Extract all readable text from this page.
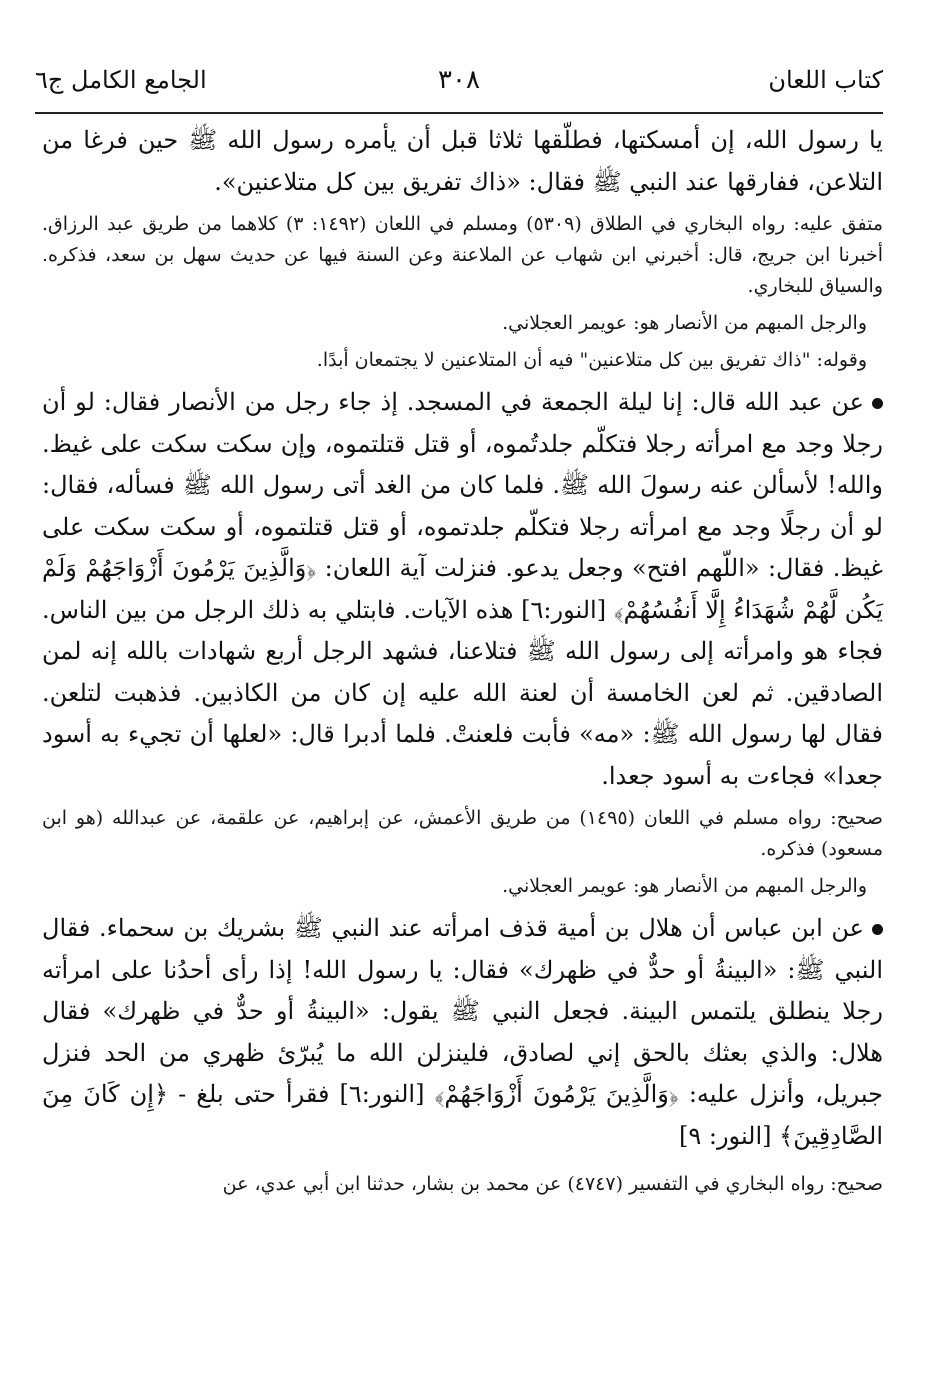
كتاب اللعان
٣٠٨
الجامع الكامل ج٦

يا رسول الله، إن أمسكتها، فطلّقها ثلاثا قبل أن يأمره رسول الله ﷺ حين فرغا من التلاعن، ففارقها عند النبي ﷺ فقال: «ذاك تفريق بين كل متلاعنين».

متفق عليه: رواه البخاري في الطلاق (٥٣٠٩) ومسلم في اللعان (١٤٩٢: ٣) كلاهما من طريق عبد الرزاق. أخبرنا ابن جريج، قال: أخبرني ابن شهاب عن الملاعنة وعن السنة فيها عن حديث سهل بن سعد، فذكره. والسياق للبخاري.

والرجل المبهم من الأنصار هو: عويمر العجلاني.

وقوله: "ذاك تفريق بين كل متلاعنين" فيه أن المتلاعنين لا يجتمعان أبدًا.

عن عبد الله قال: إنا ليلة الجمعة في المسجد. إذ جاء رجل من الأنصار فقال: لو أن رجلا وجد مع امرأته رجلا فتكلّم جلدتُموه، أو قتل قتلتموه، وإن سكت سكت على غيظ. والله! لأسألن عنه رسولَ الله ﷺ. فلما كان من الغد أتى رسول الله ﷺ فسأله، فقال: لو أن رجلًا وجد مع امرأته رجلا فتكلّم جلدتموه، أو قتل قتلتموه، أو سكت سكت على غيظ. فقال: «اللّهم افتح» وجعل يدعو. فنزلت آية اللعان: ﴿وَالَّذِينَ يَرْمُونَ أَزْوَاجَهُمْ وَلَمْ يَكُن لَّهُمْ شُهَدَاءُ إِلَّا أَنفُسُهُمْ﴾ [النور:٦] هذه الآيات. فابتلي به ذلك الرجل من بين الناس. فجاء هو وامرأته إلى رسول الله ﷺ فتلاعنا، فشهد الرجل أربع شهادات بالله إنه لمن الصادقين. ثم لعن الخامسة أن لعنة الله عليه إن كان من الكاذبين. فذهبت لتلعن. فقال لها رسول الله ﷺ: «مه» فأبت فلعنتْ. فلما أدبرا قال: «لعلها أن تجيء به أسود جعدا» فجاءت به أسود جعدا.

صحيح: رواه مسلم في اللعان (١٤٩٥) من طريق الأعمش، عن إبراهيم، عن علقمة، عن عبدالله (هو ابن مسعود) فذكره.

والرجل المبهم من الأنصار هو: عويمر العجلاني.

عن ابن عباس أن هلال بن أمية قذف امرأته عند النبي ﷺ بشريك بن سحماء. فقال النبي ﷺ: «البينةُ أو حدٌّ في ظهرك» فقال: يا رسول الله! إذا رأى أحدُنا على امرأته رجلا ينطلق يلتمس البينة. فجعل النبي ﷺ يقول: «البينةُ أو حدٌّ في ظهرك» فقال هلال: والذي بعثك بالحق إني لصادق، فلينزلن الله ما يُبرّئ ظهري من الحد فنزل جبريل، وأنزل عليه: ﴿وَالَّذِينَ يَرْمُونَ أَزْوَاجَهُمْ﴾ [النور:٦] فقرأ حتى بلغ - ﴿إِن كَانَ مِنَ الصَّادِقِينَ﴾ [النور: ٩]

صحيح: رواه البخاري في التفسير (٤٧٤٧) عن محمد بن بشار، حدثنا ابن أبي عدي، عن
